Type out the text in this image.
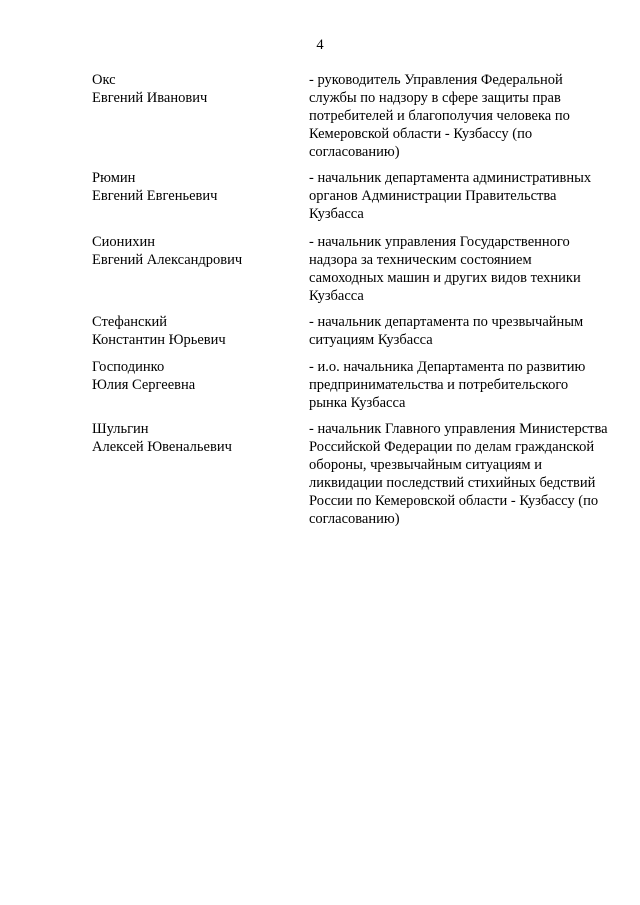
4
Окс
Евгений Иванович
- руководитель Управления Федеральной службы по надзору в сфере защиты прав потребителей и благополучия человека по Кемеровской области - Кузбассу (по согласованию)
Рюмин
Евгений Евгеньевич
- начальник департамента административных органов Администрации Правительства Кузбасса
Сионихин
Евгений Александрович
- начальник управления Государственного надзора за техническим состоянием самоходных машин и других видов техники Кузбасса
Стефанский
Константин Юрьевич
- начальник департамента по чрезвычайным ситуациям Кузбасса
Господинко
Юлия Сергеевна
- и.о. начальника Департамента по развитию предпринимательства и потребительского рынка Кузбасса
Шульгин
Алексей Ювенальевич
- начальник Главного управления Министерства Российской Федерации по делам гражданской обороны, чрезвычайным ситуациям и ликвидации последствий стихийных бедствий России по Кемеровской области - Кузбассу (по согласованию)
